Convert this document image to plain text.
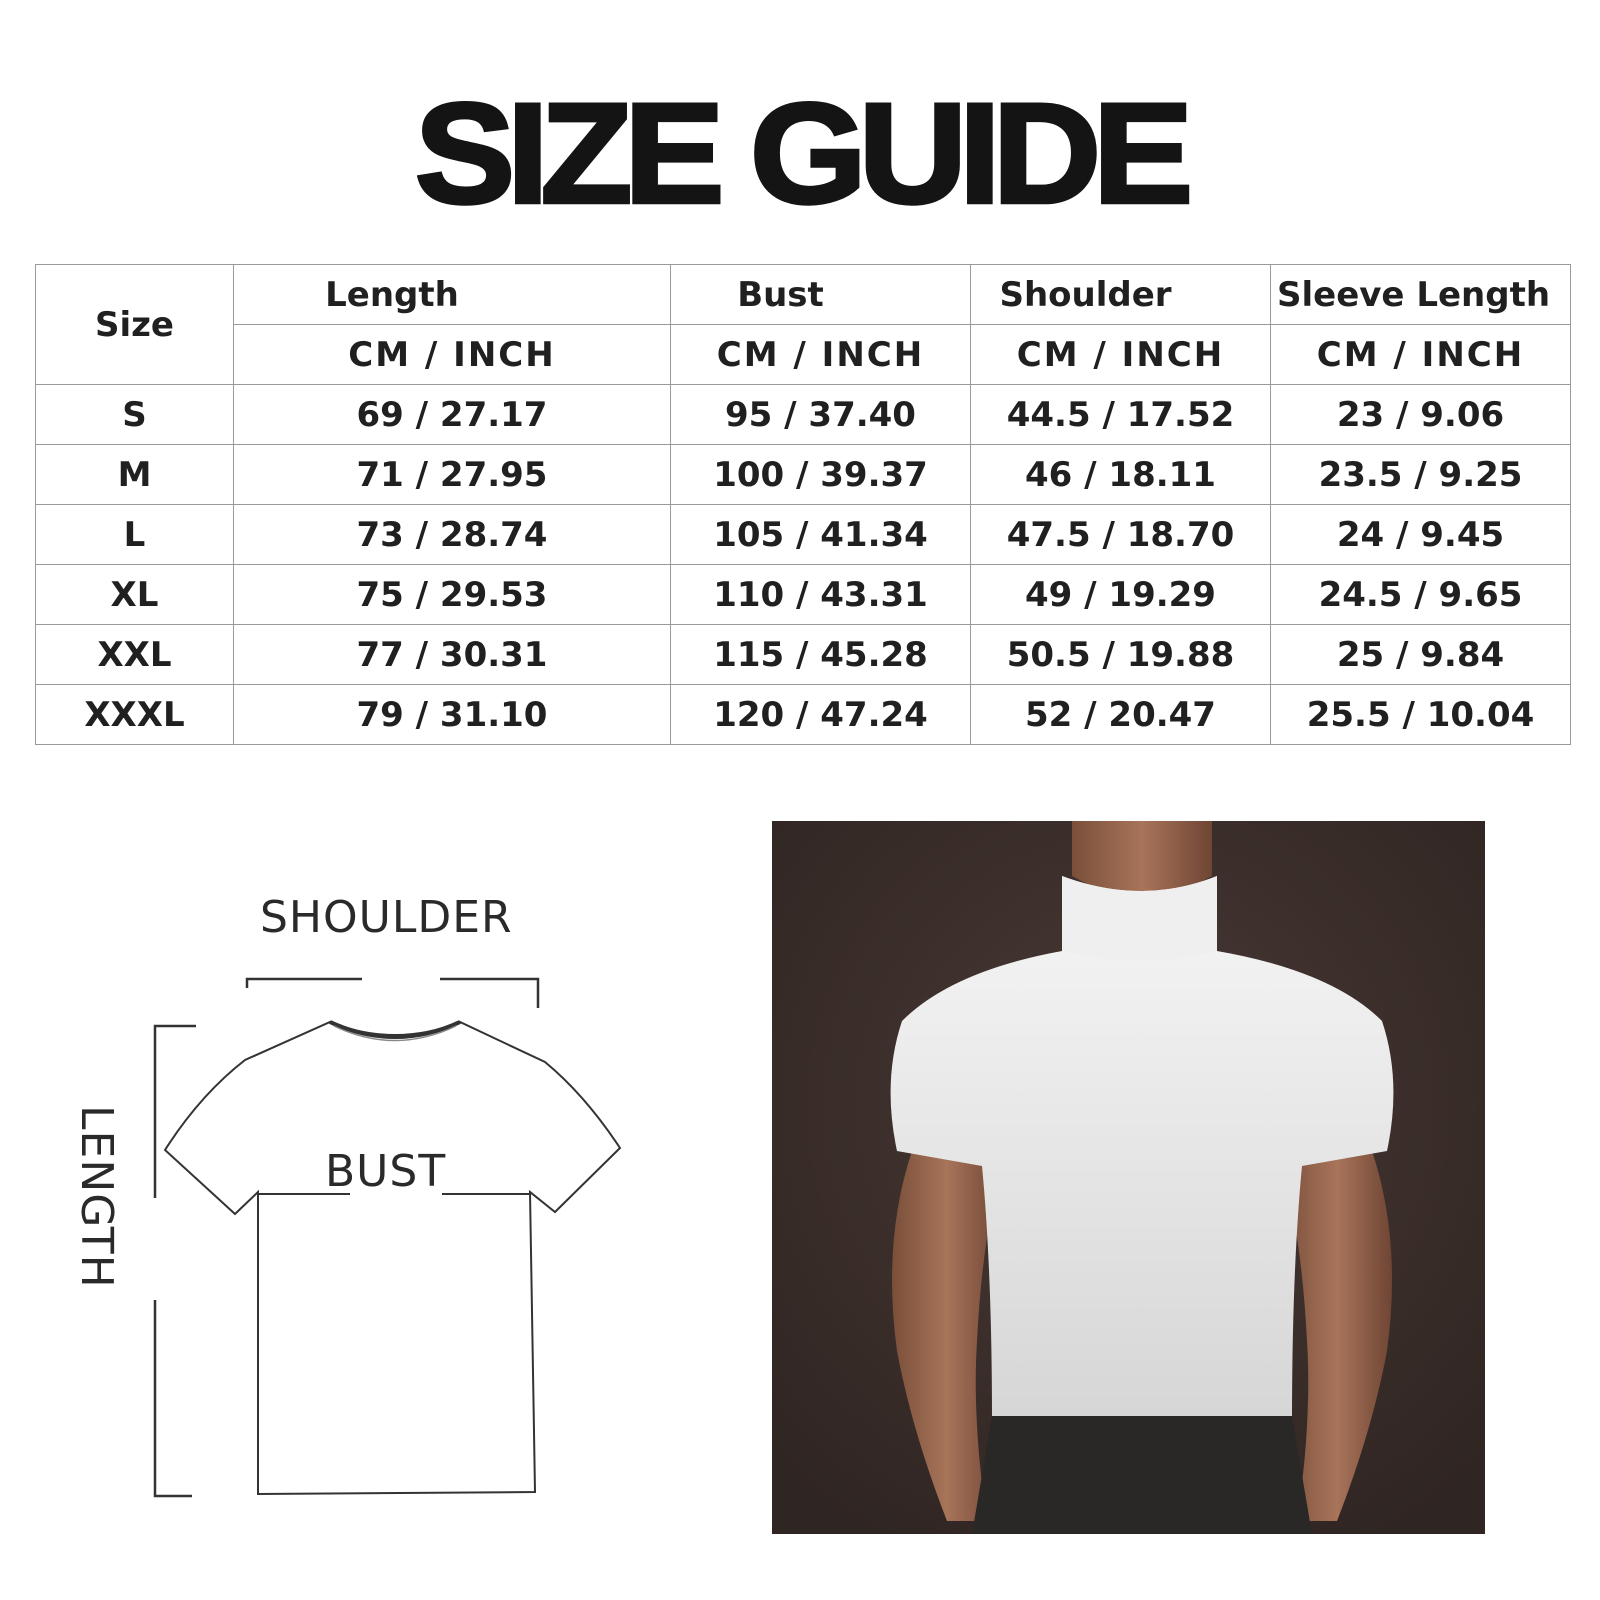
SIZE GUIDE
Size	Length	Bust	Shoulder	Sleeve Length
	CM / INCH	CM / INCH	CM / INCH	CM / INCH
S	69 / 27.17	95 / 37.40	44.5 / 17.52	23 / 9.06
M	71 / 27.95	100 / 39.37	46 / 18.11	23.5 / 9.25
L	73 / 28.74	105 / 41.34	47.5 / 18.70	24 / 9.45
XL	75 / 29.53	110 / 43.31	49 / 19.29	24.5 / 9.65
XXL	77 / 30.31	115 / 45.28	50.5 / 19.88	25 / 9.84
XXXL	79 / 31.10	120 / 47.24	52 / 20.47	25.5 / 10.04
SHOULDER
BUST
LENGTH
